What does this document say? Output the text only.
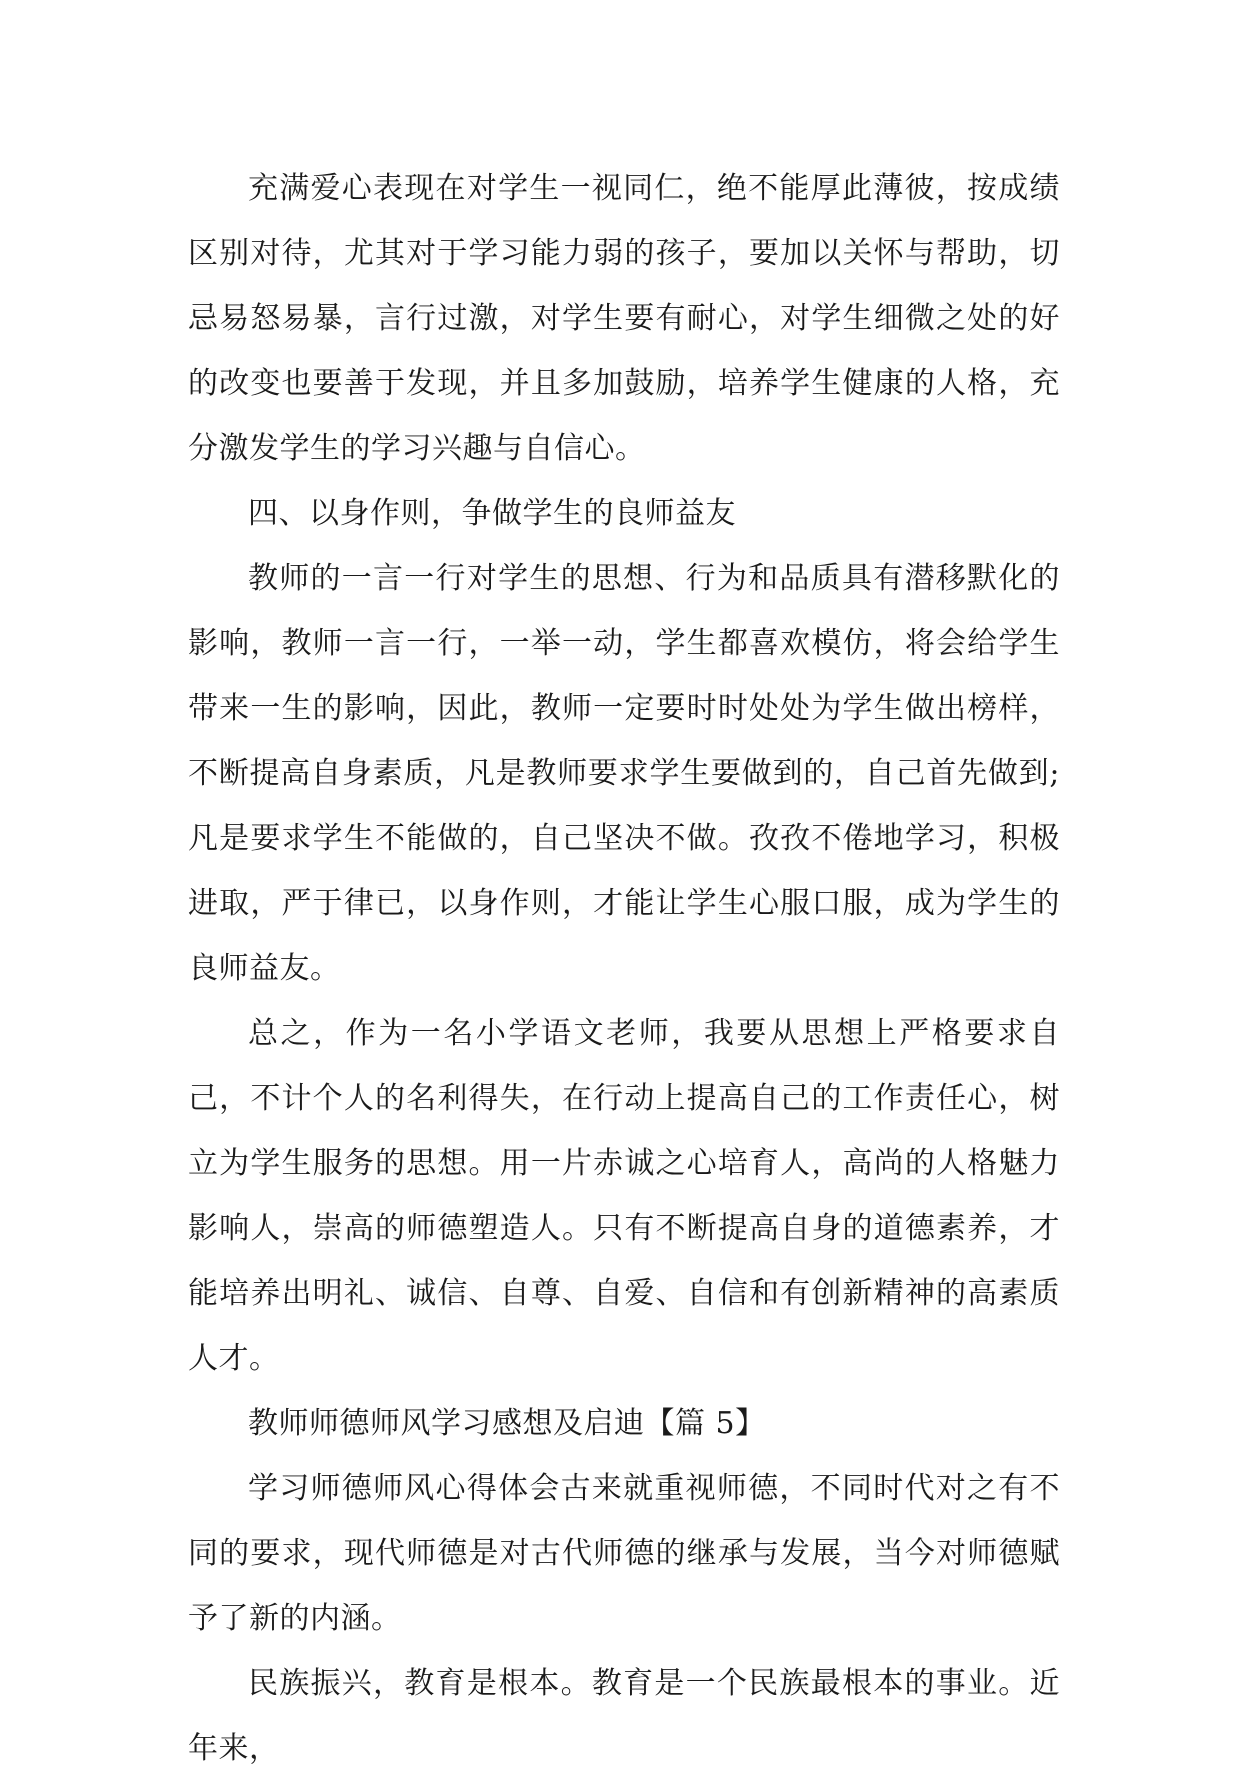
充满爱心表现在对学生一视同仁，绝不能厚此薄彼，按成绩区别对待，尤其对于学习能力弱的孩子，要加以关怀与帮助，切忌易怒易暴，言行过激，对学生要有耐心，对学生细微之处的好的改变也要善于发现，并且多加鼓励，培养学生健康的人格，充分激发学生的学习兴趣与自信心。

四、以身作则，争做学生的良师益友

教师的一言一行对学生的思想、行为和品质具有潜移默化的影响，教师一言一行，一举一动，学生都喜欢模仿，将会给学生带来一生的影响，因此，教师一定要时时处处为学生做出榜样，不断提高自身素质，凡是教师要求学生要做到的，自己首先做到;凡是要求学生不能做的，自己坚决不做。孜孜不倦地学习，积极进取，严于律已，以身作则，才能让学生心服口服，成为学生的良师益友。

总之，作为一名小学语文老师，我要从思想上严格要求自己，不计个人的名利得失，在行动上提高自己的工作责任心，树立为学生服务的思想。用一片赤诚之心培育人，高尚的人格魅力影响人，崇高的师德塑造人。只有不断提高自身的道德素养，才能培养出明礼、诚信、自尊、自爱、自信和有创新精神的高素质人才。

教师师德师风学习感想及启迪【篇 5】

学习师德师风心得体会古来就重视师德，不同时代对之有不同的要求，现代师德是对古代师德的继承与发展，当今对师德赋予了新的内涵。

民族振兴，教育是根本。教育是一个民族最根本的事业。近年来，
